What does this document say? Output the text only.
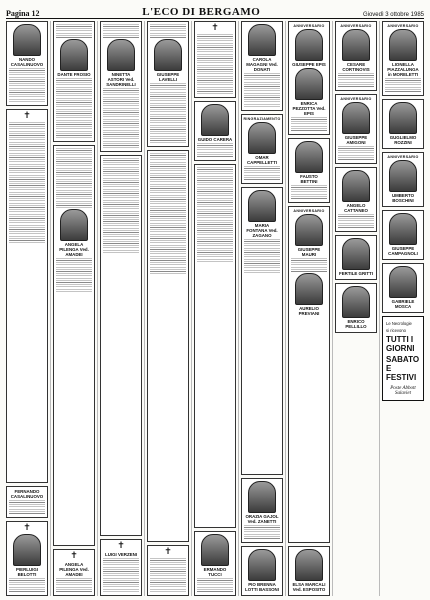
Pagina 12	L'ECO DI BERGAMO	Giovedì 3 ottobre 1985
NANDO CASALINUOVO
✝
FERNANDO CASALINUOVO
✝
PIERLUIGI BELOTTI
DANTE FROSIO
ANGELA PILENGA Ved. AMADEI
✝
ANGELA PILENGA Ved. AMADEI
NINETTA ASTORI Ved. SANDRINELLI
✝
LUIGI VERZENI
GIUSEPPE LAVELLI
✝
✝
GUIDO CARERA
ERMANDO TUCCI
CAROLA MAGAGNI Ved. DONATI
RINGRAZIAMENTO
OMAR CAPPELLETTI
MARIA FONTANA Ved. ZAGANO
ORAZIA GAJOL Ved. ZANETTI
PIO BRENNA LOTTI BASSONI
ANNIVERSARIO
GIUSEPPE EPIS
ENRICA PEZZOTTA Ved. EPIS
FAUSTO BETTINI
ANNIVERSARIO
GIUSEPPE MAURI
AURELIO PREVIANI
ELSA MARCALI Ved. ESPOSITO
ANNIVERSARIO
CESARE CORTINOVIS
ANNIVERSARIO
GIUSEPPE AMIGONI
ANGELO CATTANEO
FERTILE GRITTI
ENRICO PELLILLO
ANNIVERSARIO
LIONELLA PIAZZALUNGA in MORELETTI
GUGLIELMO ROZZINI
ANNIVERSARIO
UMBERTO BOSCHINI
GIUSEPPE CAMPAGNOLI
GABRIELE MOSCA
Le Necrologie
si ricevono
TUTTI I GIORNI
SABATO E FESTIVI
Poste Abbott Salaviet
